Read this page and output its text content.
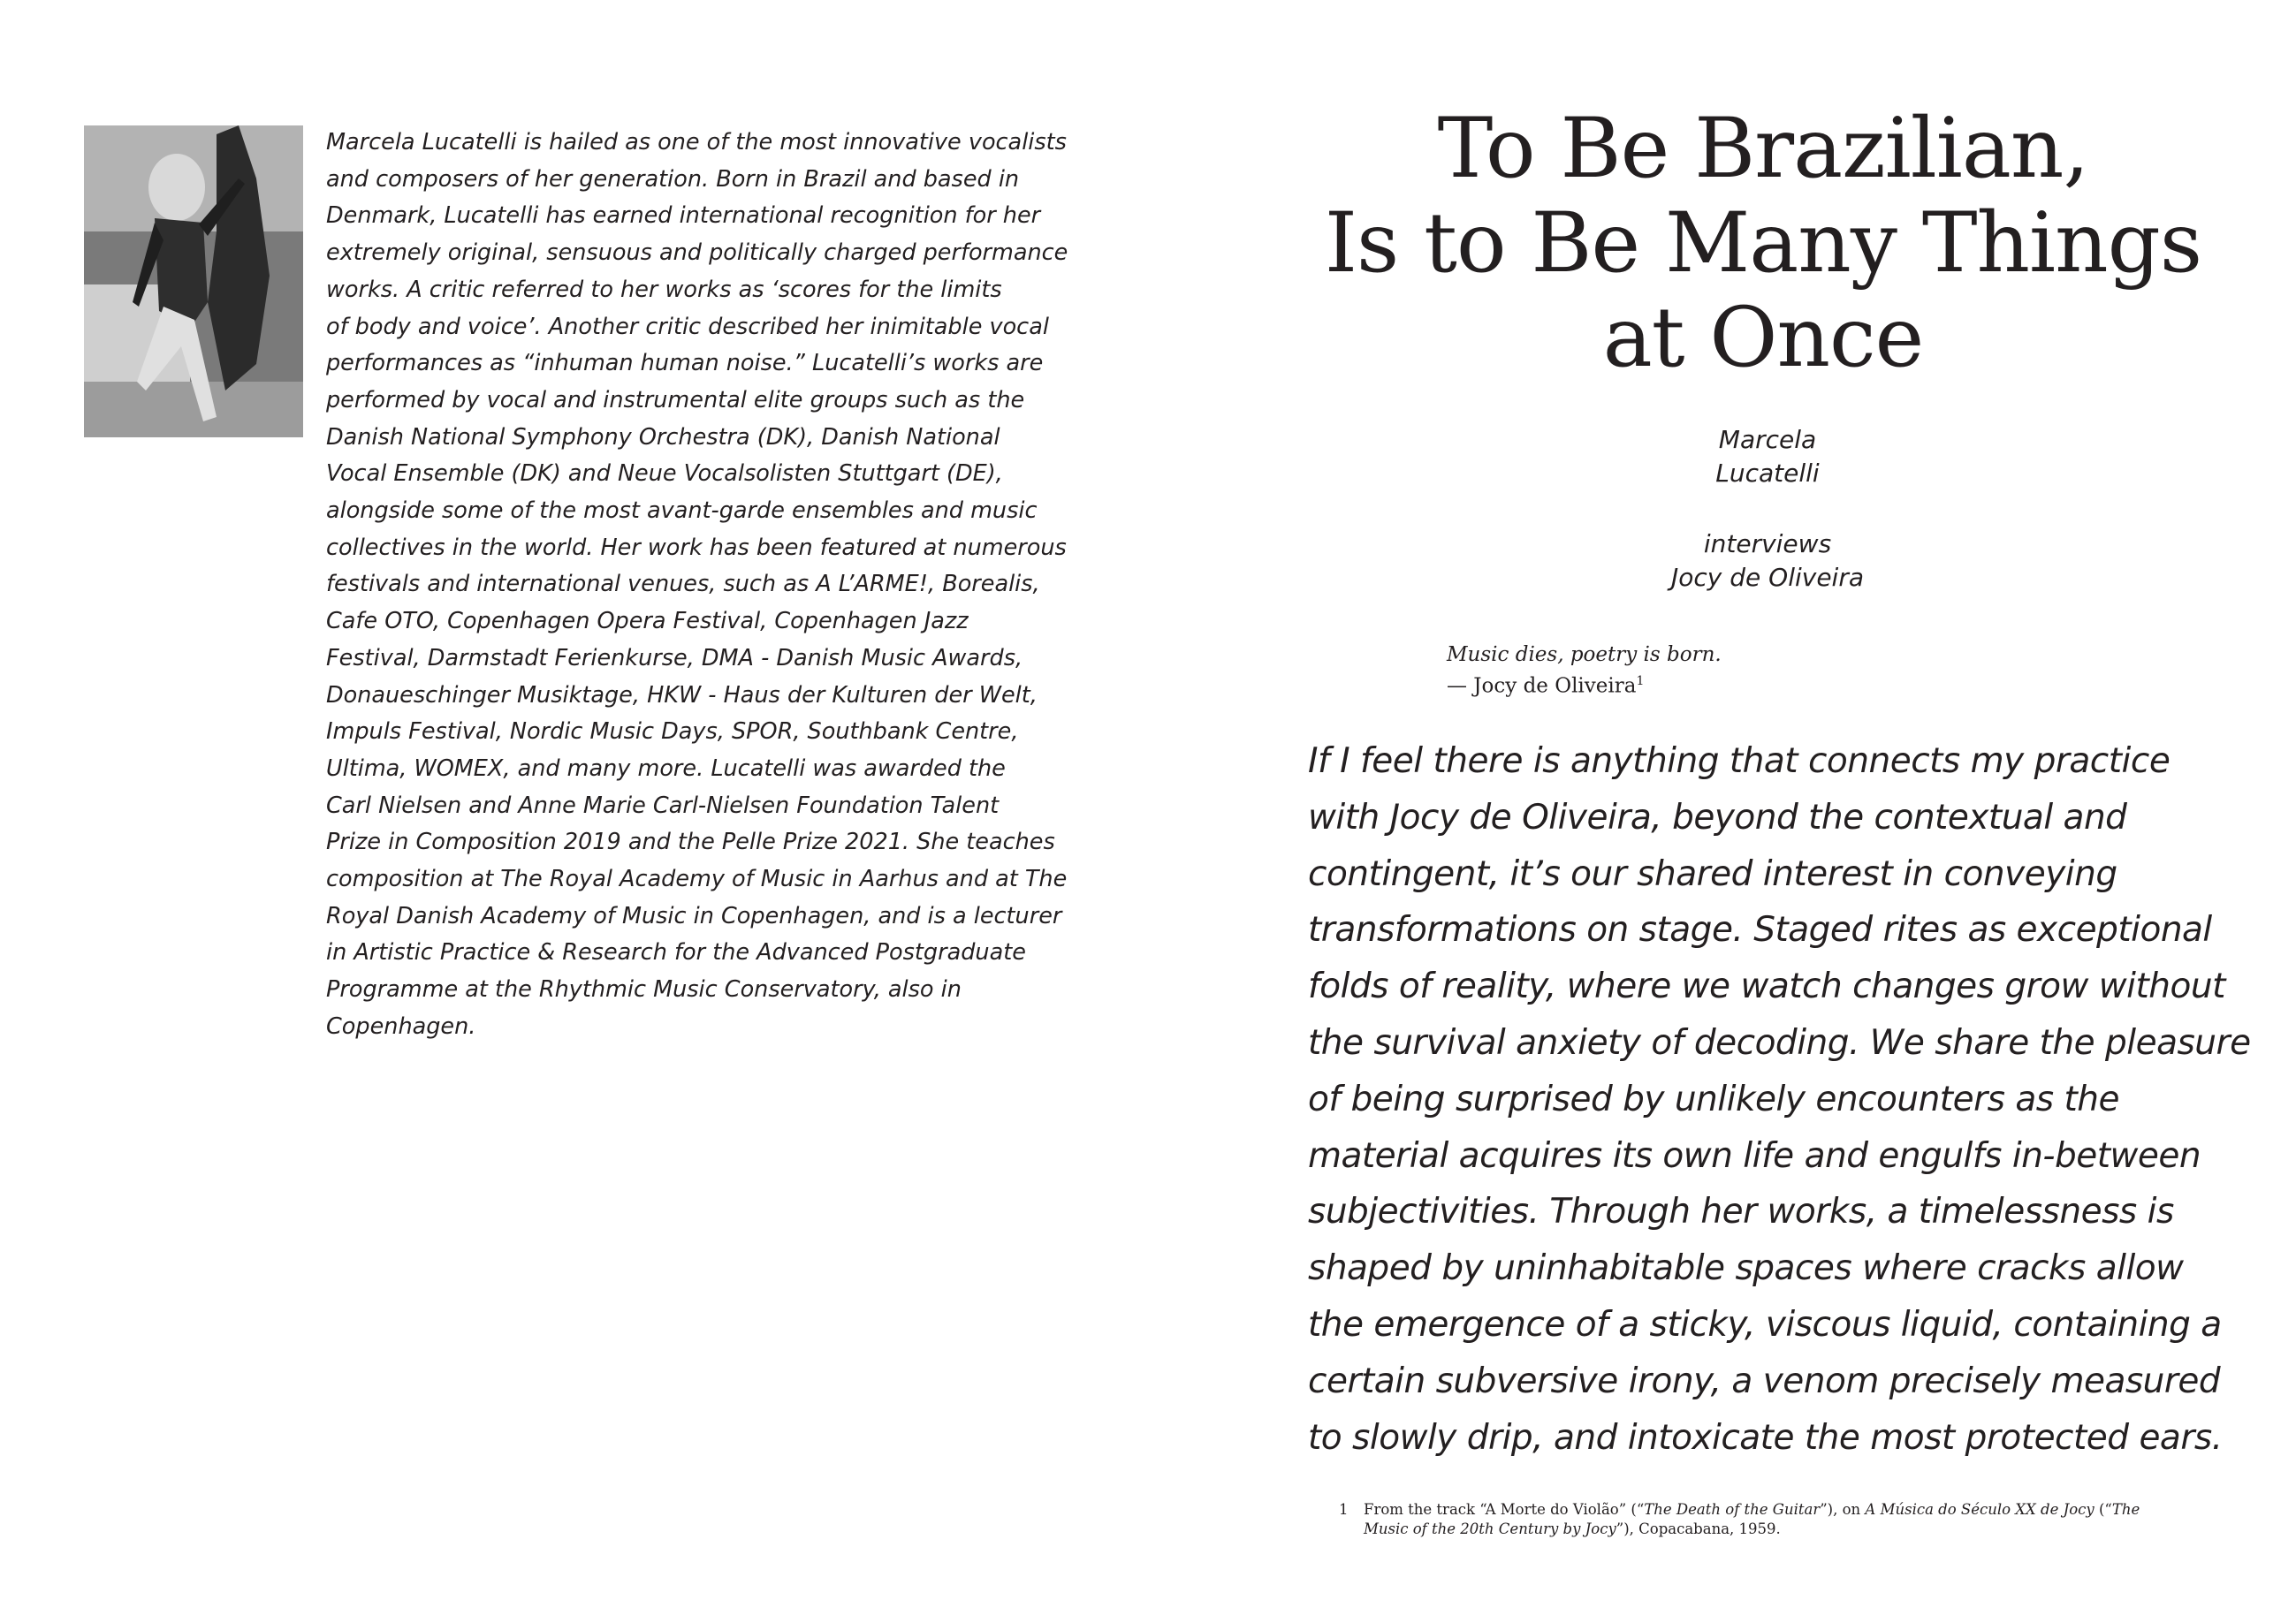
Marcela Lucatelli is hailed as one of the most innovative vocalists
and composers of her generation. Born in Brazil and based in
Denmark, Lucatelli has earned international recognition for her
extremely original, sensuous and politically charged performance
works. A critic referred to her works as ‘scores for the limits
of body and voice’. Another critic described her inimitable vocal
performances as “inhuman human noise.” Lucatelli’s works are
performed by vocal and instrumental elite groups such as the
Danish National Symphony Orchestra (DK), Danish National
Vocal Ensemble (DK) and Neue Vocalsolisten Stuttgart (DE),
alongside some of the most avant-garde ensembles and music
collectives in the world. Her work has been featured at numerous
festivals and international venues, such as A L’ARME!, Borealis,
Cafe OTO, Copenhagen Opera Festival, Copenhagen Jazz
Festival, Darmstadt Ferienkurse, DMA - Danish Music Awards,
Donaueschinger Musiktage, HKW - Haus der Kulturen der Welt,
Impuls Festival, Nordic Music Days, SPOR, Southbank Centre,
Ultima, WOMEX, and many more. Lucatelli was awarded the
Carl Nielsen and Anne Marie Carl-Nielsen Foundation Talent
Prize in Composition 2019 and the Pelle Prize 2021. She teaches
composition at The Royal Academy of Music in Aarhus and at The
Royal Danish Academy of Music in Copenhagen, and is a lecturer
in Artistic Practice & Research for the Advanced Postgraduate
Programme at the Rhythmic Music Conservatory, also in
Copenhagen.
To Be Brazilian,
Is to Be Many Things
at Once
Marcela
Lucatelli
interviews
Jocy de Oliveira
Music dies, poetry is born.
— Jocy de Oliveira$^1$
If I feel there is anything that connects my practice
with Jocy de Oliveira, beyond the contextual and
contingent, it’s our shared interest in conveying
transformations on stage. Staged rites as exceptional
folds of reality, where we watch changes grow without
the survival anxiety of decoding. We share the pleasure
of being surprised by unlikely encounters as the
material acquires its own life and engulfs in-between
subjectivities. Through her works, a timelessness is
shaped by uninhabitable spaces where cracks allow
the emergence of a sticky, viscous liquid, containing a
certain subversive irony, a venom precisely measured
to slowly drip, and intoxicate the most protected ears.
1 From the track “A Morte do Violão” (“The Death of the Guitar”), on A Música do Século XX de Jocy (“The Music of the 20th Century by Jocy”), Copacabana, 1959.
